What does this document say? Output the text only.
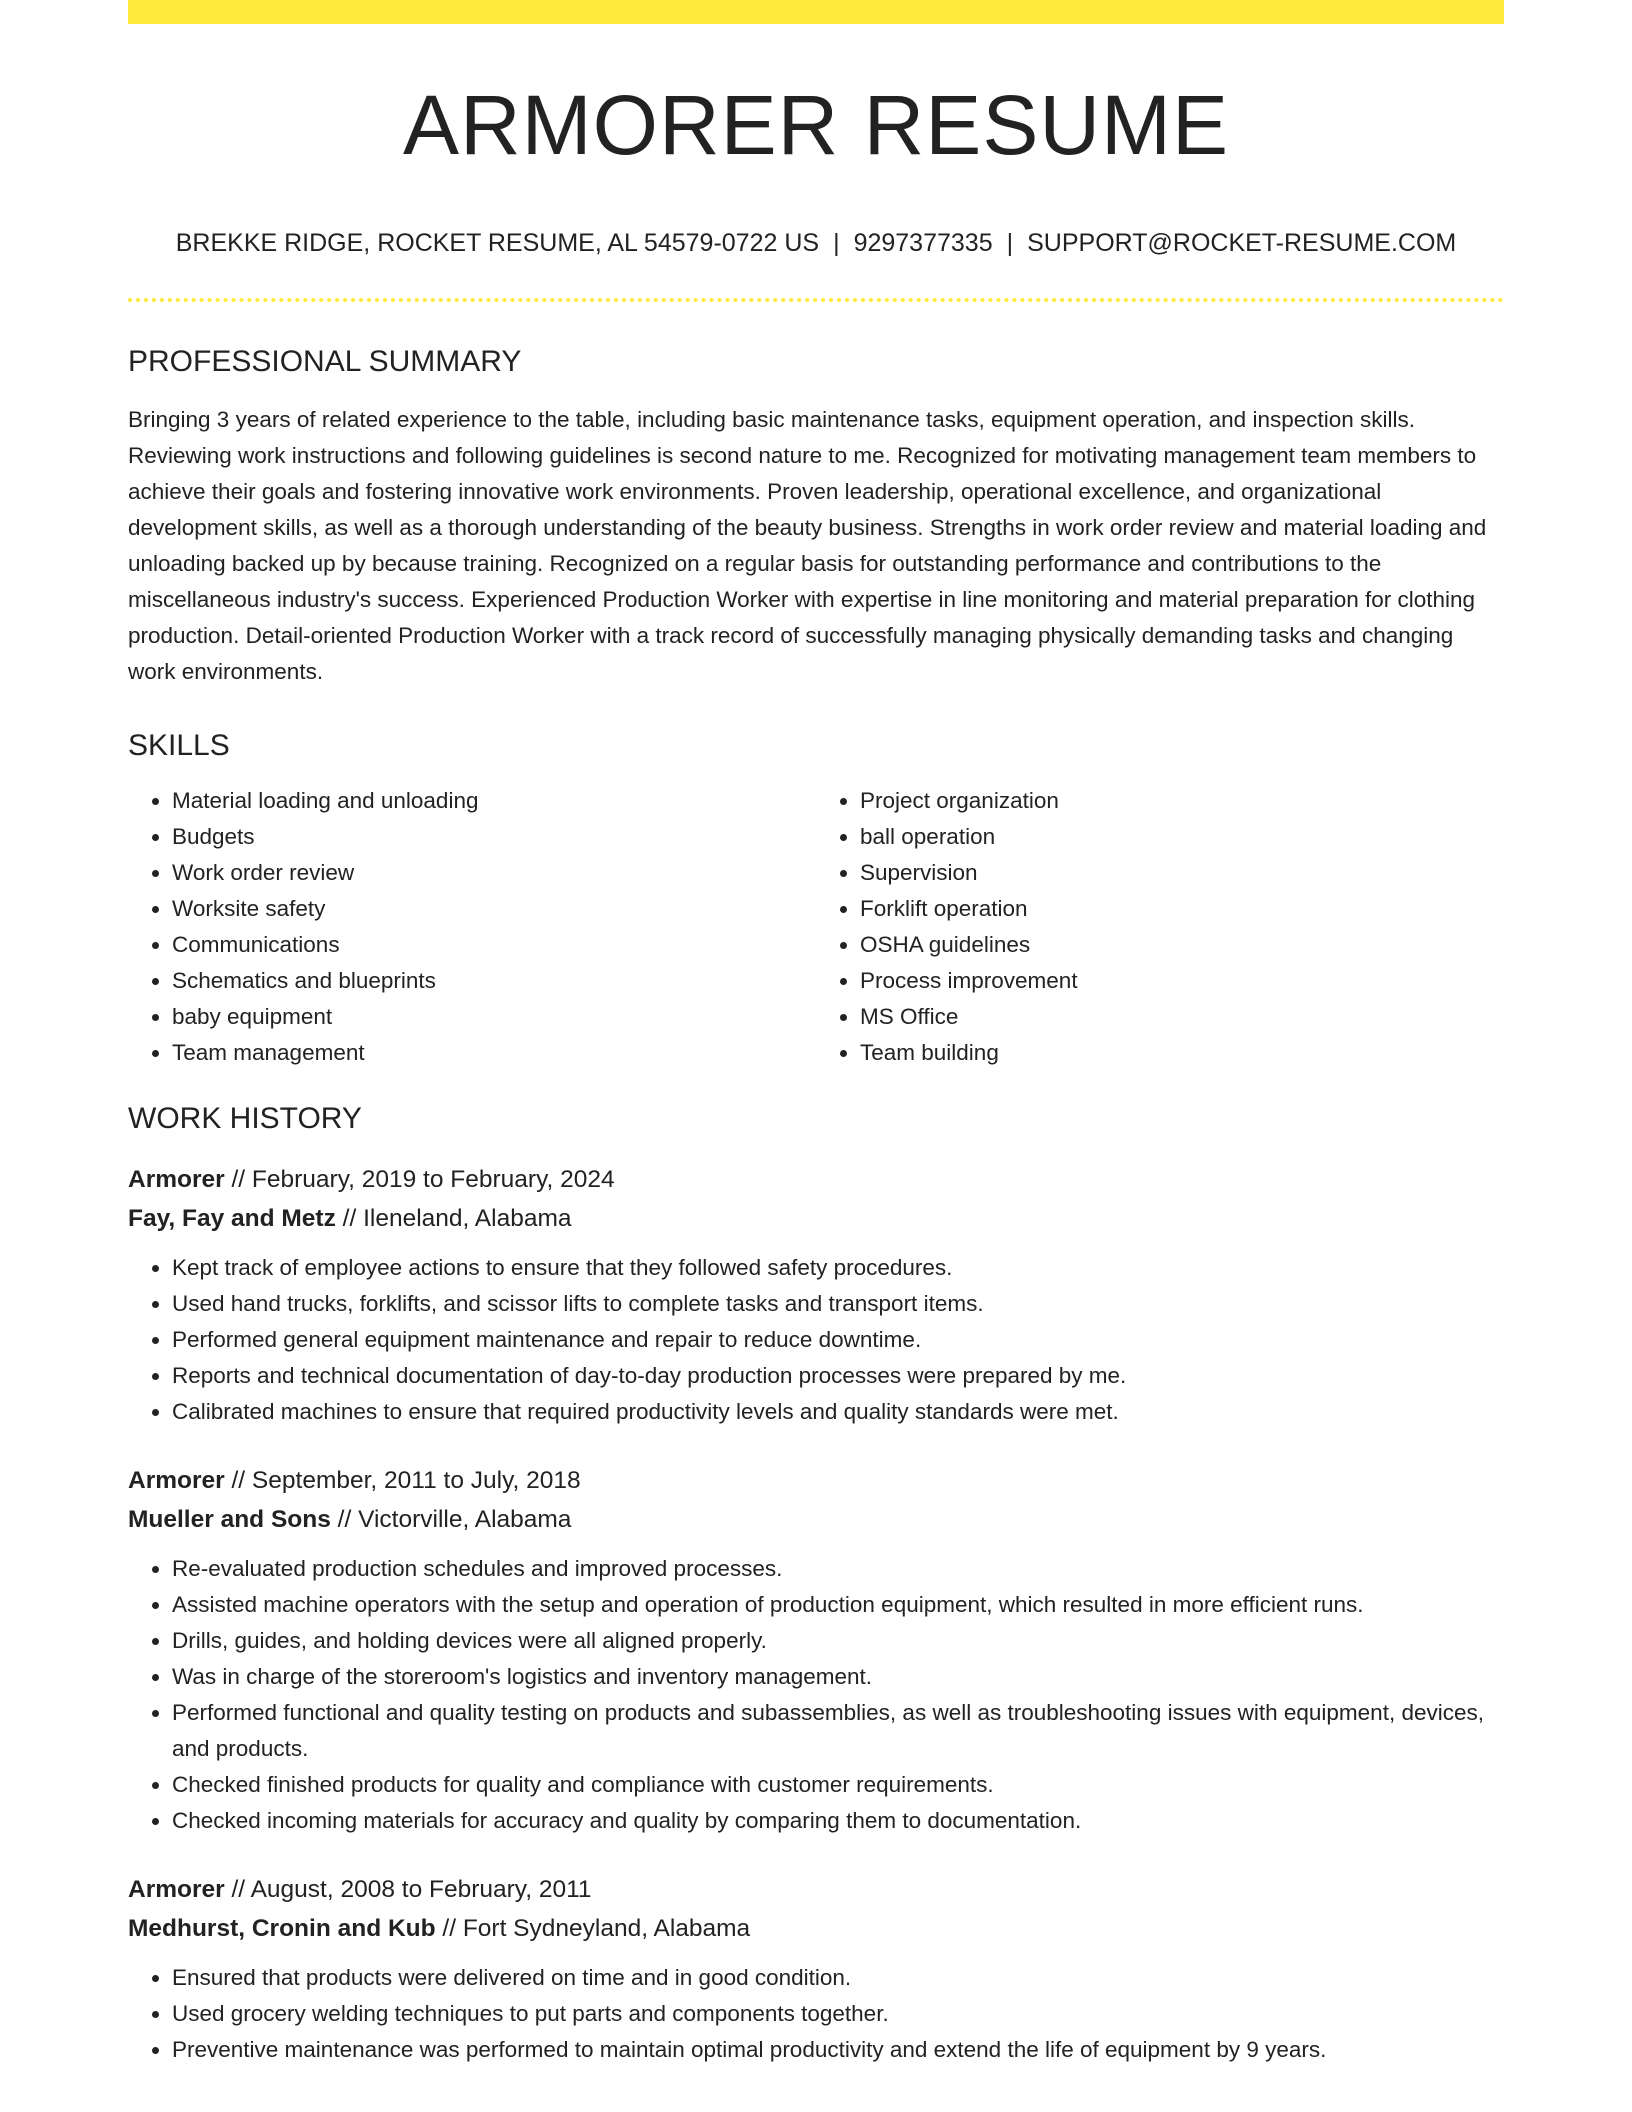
ARMORER RESUME
BREKKE RIDGE, ROCKET RESUME, AL 54579-0722 US | 9297377335 | SUPPORT@ROCKET-RESUME.COM
PROFESSIONAL SUMMARY
Bringing 3 years of related experience to the table, including basic maintenance tasks, equipment operation, and inspection skills. Reviewing work instructions and following guidelines is second nature to me. Recognized for motivating management team members to achieve their goals and fostering innovative work environments. Proven leadership, operational excellence, and organizational development skills, as well as a thorough understanding of the beauty business. Strengths in work order review and material loading and unloading backed up by because training. Recognized on a regular basis for outstanding performance and contributions to the miscellaneous industry's success. Experienced Production Worker with expertise in line monitoring and material preparation for clothing production. Detail-oriented Production Worker with a track record of successfully managing physically demanding tasks and changing work environments.
SKILLS
• Material loading and unloading
• Budgets
• Work order review
• Worksite safety
• Communications
• Schematics and blueprints
• baby equipment
• Team management
• Project organization
• ball operation
• Supervision
• Forklift operation
• OSHA guidelines
• Process improvement
• MS Office
• Team building
WORK HISTORY
Armorer // February, 2019 to February, 2024
Fay, Fay and Metz // Ileneland, Alabama
• Kept track of employee actions to ensure that they followed safety procedures.
• Used hand trucks, forklifts, and scissor lifts to complete tasks and transport items.
• Performed general equipment maintenance and repair to reduce downtime.
• Reports and technical documentation of day-to-day production processes were prepared by me.
• Calibrated machines to ensure that required productivity levels and quality standards were met.
Armorer // September, 2011 to July, 2018
Mueller and Sons // Victorville, Alabama
• Re-evaluated production schedules and improved processes.
• Assisted machine operators with the setup and operation of production equipment, which resulted in more efficient runs.
• Drills, guides, and holding devices were all aligned properly.
• Was in charge of the storeroom's logistics and inventory management.
• Performed functional and quality testing on products and subassemblies, as well as troubleshooting issues with equipment, devices, and products.
• Checked finished products for quality and compliance with customer requirements.
• Checked incoming materials for accuracy and quality by comparing them to documentation.
Armorer // August, 2008 to February, 2011
Medhurst, Cronin and Kub // Fort Sydneyland, Alabama
• Ensured that products were delivered on time and in good condition.
• Used grocery welding techniques to put parts and components together.
• Preventive maintenance was performed to maintain optimal productivity and extend the life of equipment by 9 years.
